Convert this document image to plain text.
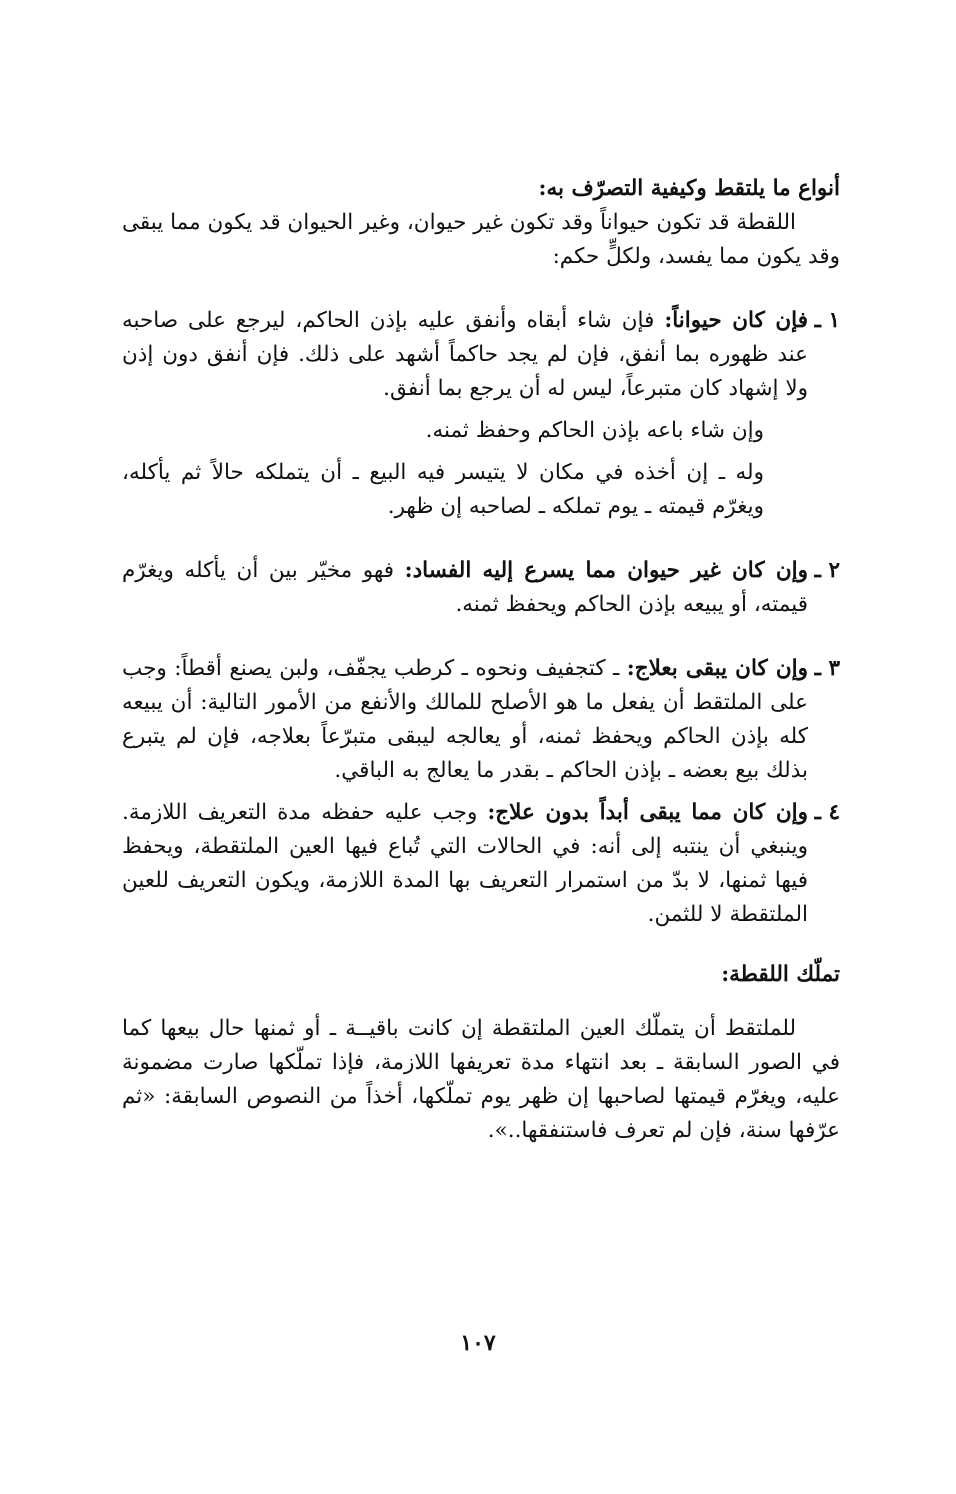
أنواع ما يلتقط وكيفية التصرّف به:

اللقطة قد تكون حيواناً وقد تكون غير حيوان، وغير الحيوان قد يكون مما يبقى وقد يكون مما يفسد، ولكلٍّ حكم:

١ ـ
فإن كان حيواناً: فإن شاء أبقاه وأنفق عليه بإذن الحاكم، ليرجع على صاحبه عند ظهوره بما أنفق، فإن لم يجد حاكماً أشهد على ذلك. فإن أنفق دون إذن ولا إشهاد كان متبرعاً، ليس له أن يرجع بما أنفق.

وإن شاء باعه بإذن الحاكم وحفظ ثمنه.

وله ـ إن أخذه في مكان لا يتيسر فيه البيع ـ أن يتملكه حالاً ثم يأكله، ويغرّم قيمته ـ يوم تملكه ـ لصاحبه إن ظهر.

٢ ـ
وإن كان غير حيوان مما يسرع إليه الفساد: فهو مخيّر بين أن يأكله ويغرّم قيمته، أو يبيعه بإذن الحاكم ويحفظ ثمنه.
٣ ـ
وإن كان يبقى بعلاج: ـ كتجفيف ونحوه ـ كرطب يجفّف، ولبن يصنع أقطاً: وجب على الملتقط أن يفعل ما هو الأصلح للمالك والأنفع من الأمور التالية: أن يبيعه كله بإذن الحاكم ويحفظ ثمنه، أو يعالجه ليبقى متبرّعاً بعلاجه، فإن لم يتبرع بذلك بيع بعضه ـ بإذن الحاكم ـ بقدر ما يعالج به الباقي.
٤ ـ
وإن كان مما يبقى أبداً بدون علاج: وجب عليه حفظه مدة التعريف اللازمة. وينبغي أن ينتبه إلى أنه: في الحالات التي تُباع فيها العين الملتقطة، ويحفظ فيها ثمنها، لا بدّ من استمرار التعريف بها المدة اللازمة، ويكون التعريف للعين الملتقطة لا للثمن.

تملّك اللقطة:

للملتقط أن يتملّك العين الملتقطة إن كانت باقيــة ـ أو ثمنها حال بيعها كما في الصور السابقة ـ بعد انتهاء مدة تعريفها اللازمة، فإذا تملّكها صارت مضمونة عليه، ويغرّم قيمتها لصاحبها إن ظهر يوم تملّكها، أخذاً من النصوص السابقة: «ثم عرّفها سنة، فإن لم تعرف فاستنفقها..».

١٠٧
